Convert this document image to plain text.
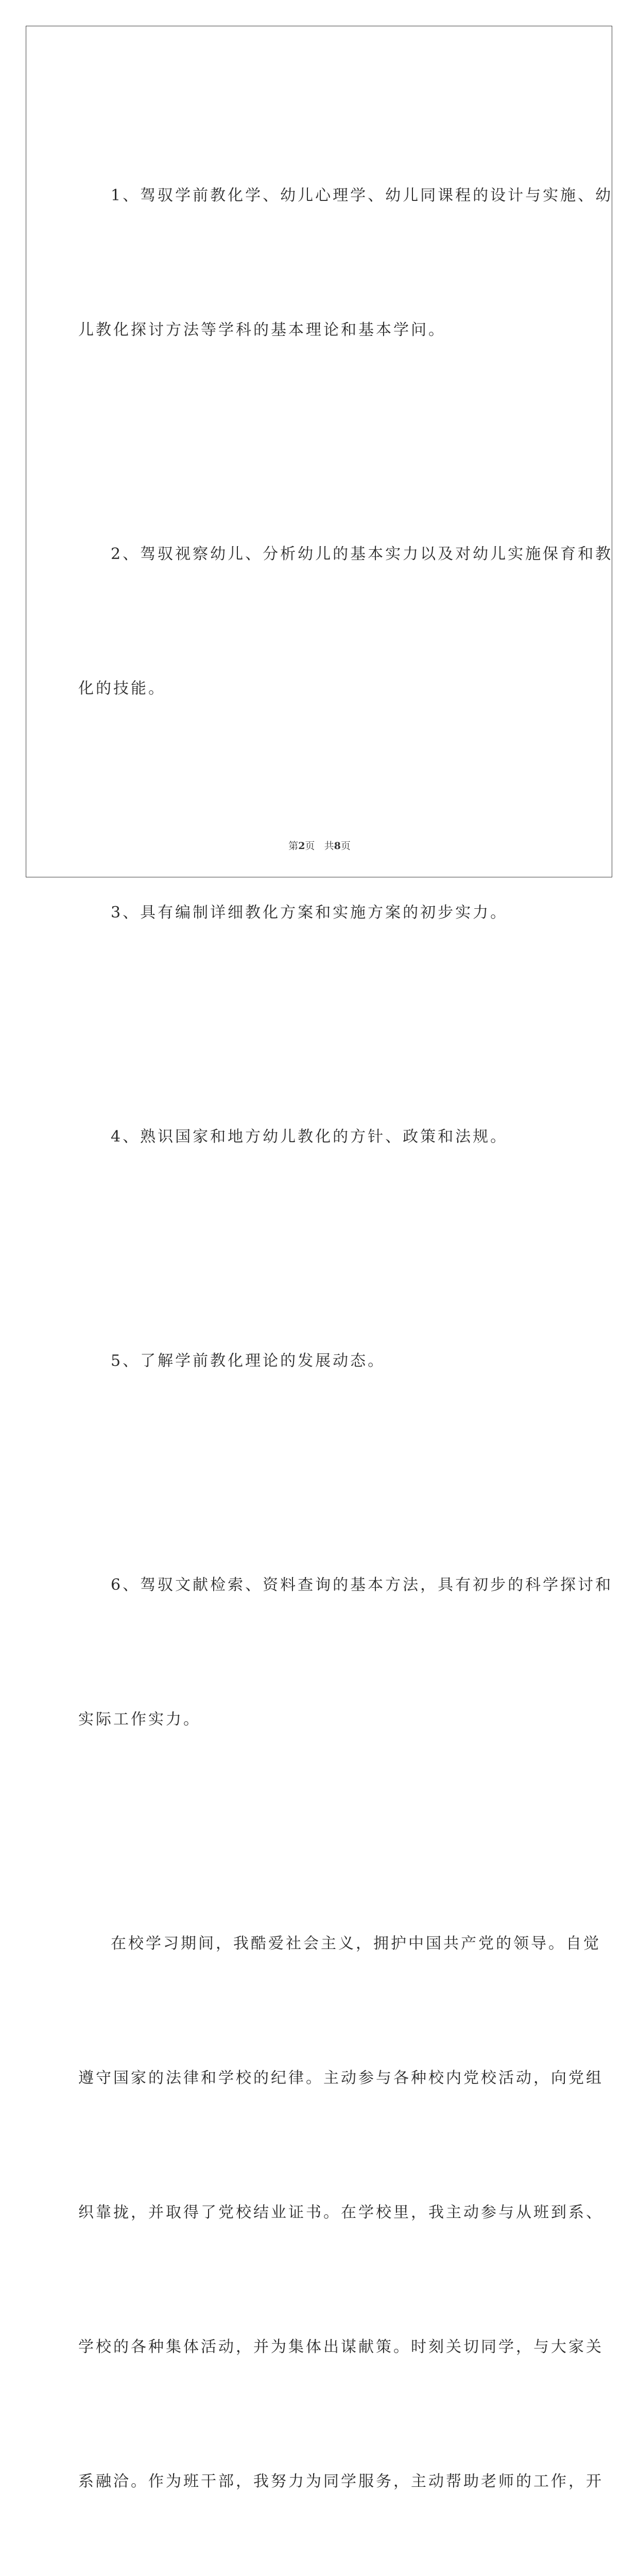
1、驾驭学前教化学、幼儿心理学、幼儿同课程的设计与实施、幼

儿教化探讨方法等学科的基本理论和基本学问。

2、驾驭视察幼儿、分析幼儿的基本实力以及对幼儿实施保育和教

化的技能。

3、具有编制详细教化方案和实施方案的初步实力。

4、熟识国家和地方幼儿教化的方针、政策和法规。

5、了解学前教化理论的发展动态。

6、驾驭文献检索、资料查询的基本方法，具有初步的科学探讨和

实际工作实力。

在校学习期间，我酷爱社会主义，拥护中国共产党的领导。自觉

遵守国家的法律和学校的纪律。主动参与各种校内党校活动，向党组

织靠拢，并取得了党校结业证书。在学校里，我主动参与从班到系、

学校的各种集体活动，并为集体出谋献策。时刻关切同学，与大家关

系融洽。作为班干部，我努力为同学服务，主动帮助老师的工作，开

第2页 共8页
